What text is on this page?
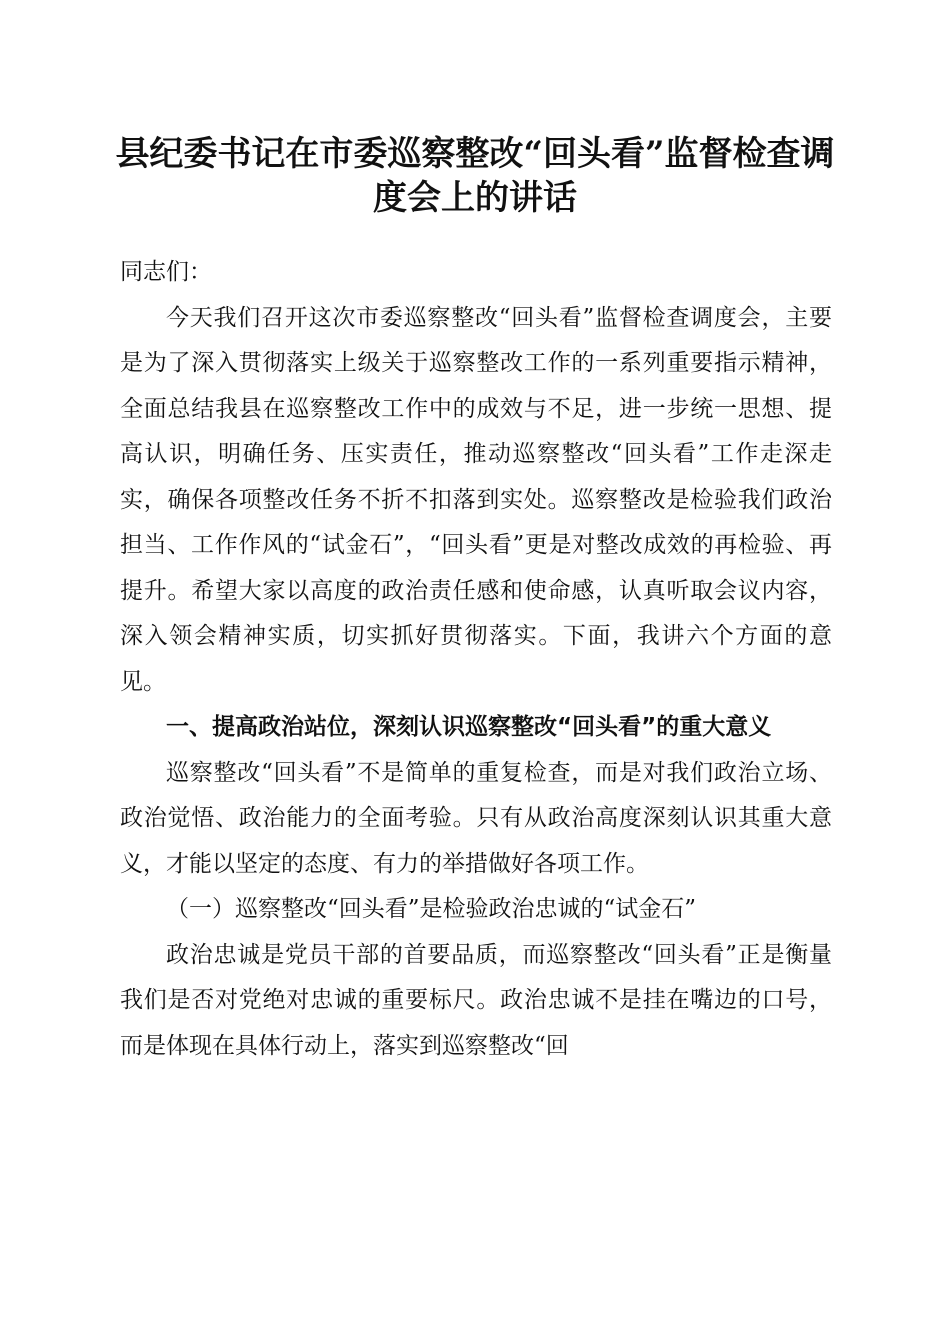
县纪委书记在市委巡察整改“回头看”监督检查调度会上的讲话

同志们：

今天我们召开这次市委巡察整改“回头看”监督检查调度会，主要是为了深入贯彻落实上级关于巡察整改工作的一系列重要指示精神，全面总结我县在巡察整改工作中的成效与不足，进一步统一思想、提高认识，明确任务、压实责任，推动巡察整改“回头看”工作走深走实，确保各项整改任务不折不扣落到实处。巡察整改是检验我们政治担当、工作作风的“试金石”，“回头看”更是对整改成效的再检验、再提升。希望大家以高度的政治责任感和使命感，认真听取会议内容，深入领会精神实质，切实抓好贯彻落实。下面，我讲六个方面的意见。

一、提高政治站位，深刻认识巡察整改“回头看”的重大意义

巡察整改“回头看”不是简单的重复检查，而是对我们政治立场、政治觉悟、政治能力的全面考验。只有从政治高度深刻认识其重大意义，才能以坚定的态度、有力的举措做好各项工作。

（一）巡察整改“回头看”是检验政治忠诚的“试金石”

政治忠诚是党员干部的首要品质，而巡察整改“回头看”正是衡量我们是否对党绝对忠诚的重要标尺。政治忠诚不是挂在嘴边的口号，而是体现在具体行动上，落实到巡察整改“回
